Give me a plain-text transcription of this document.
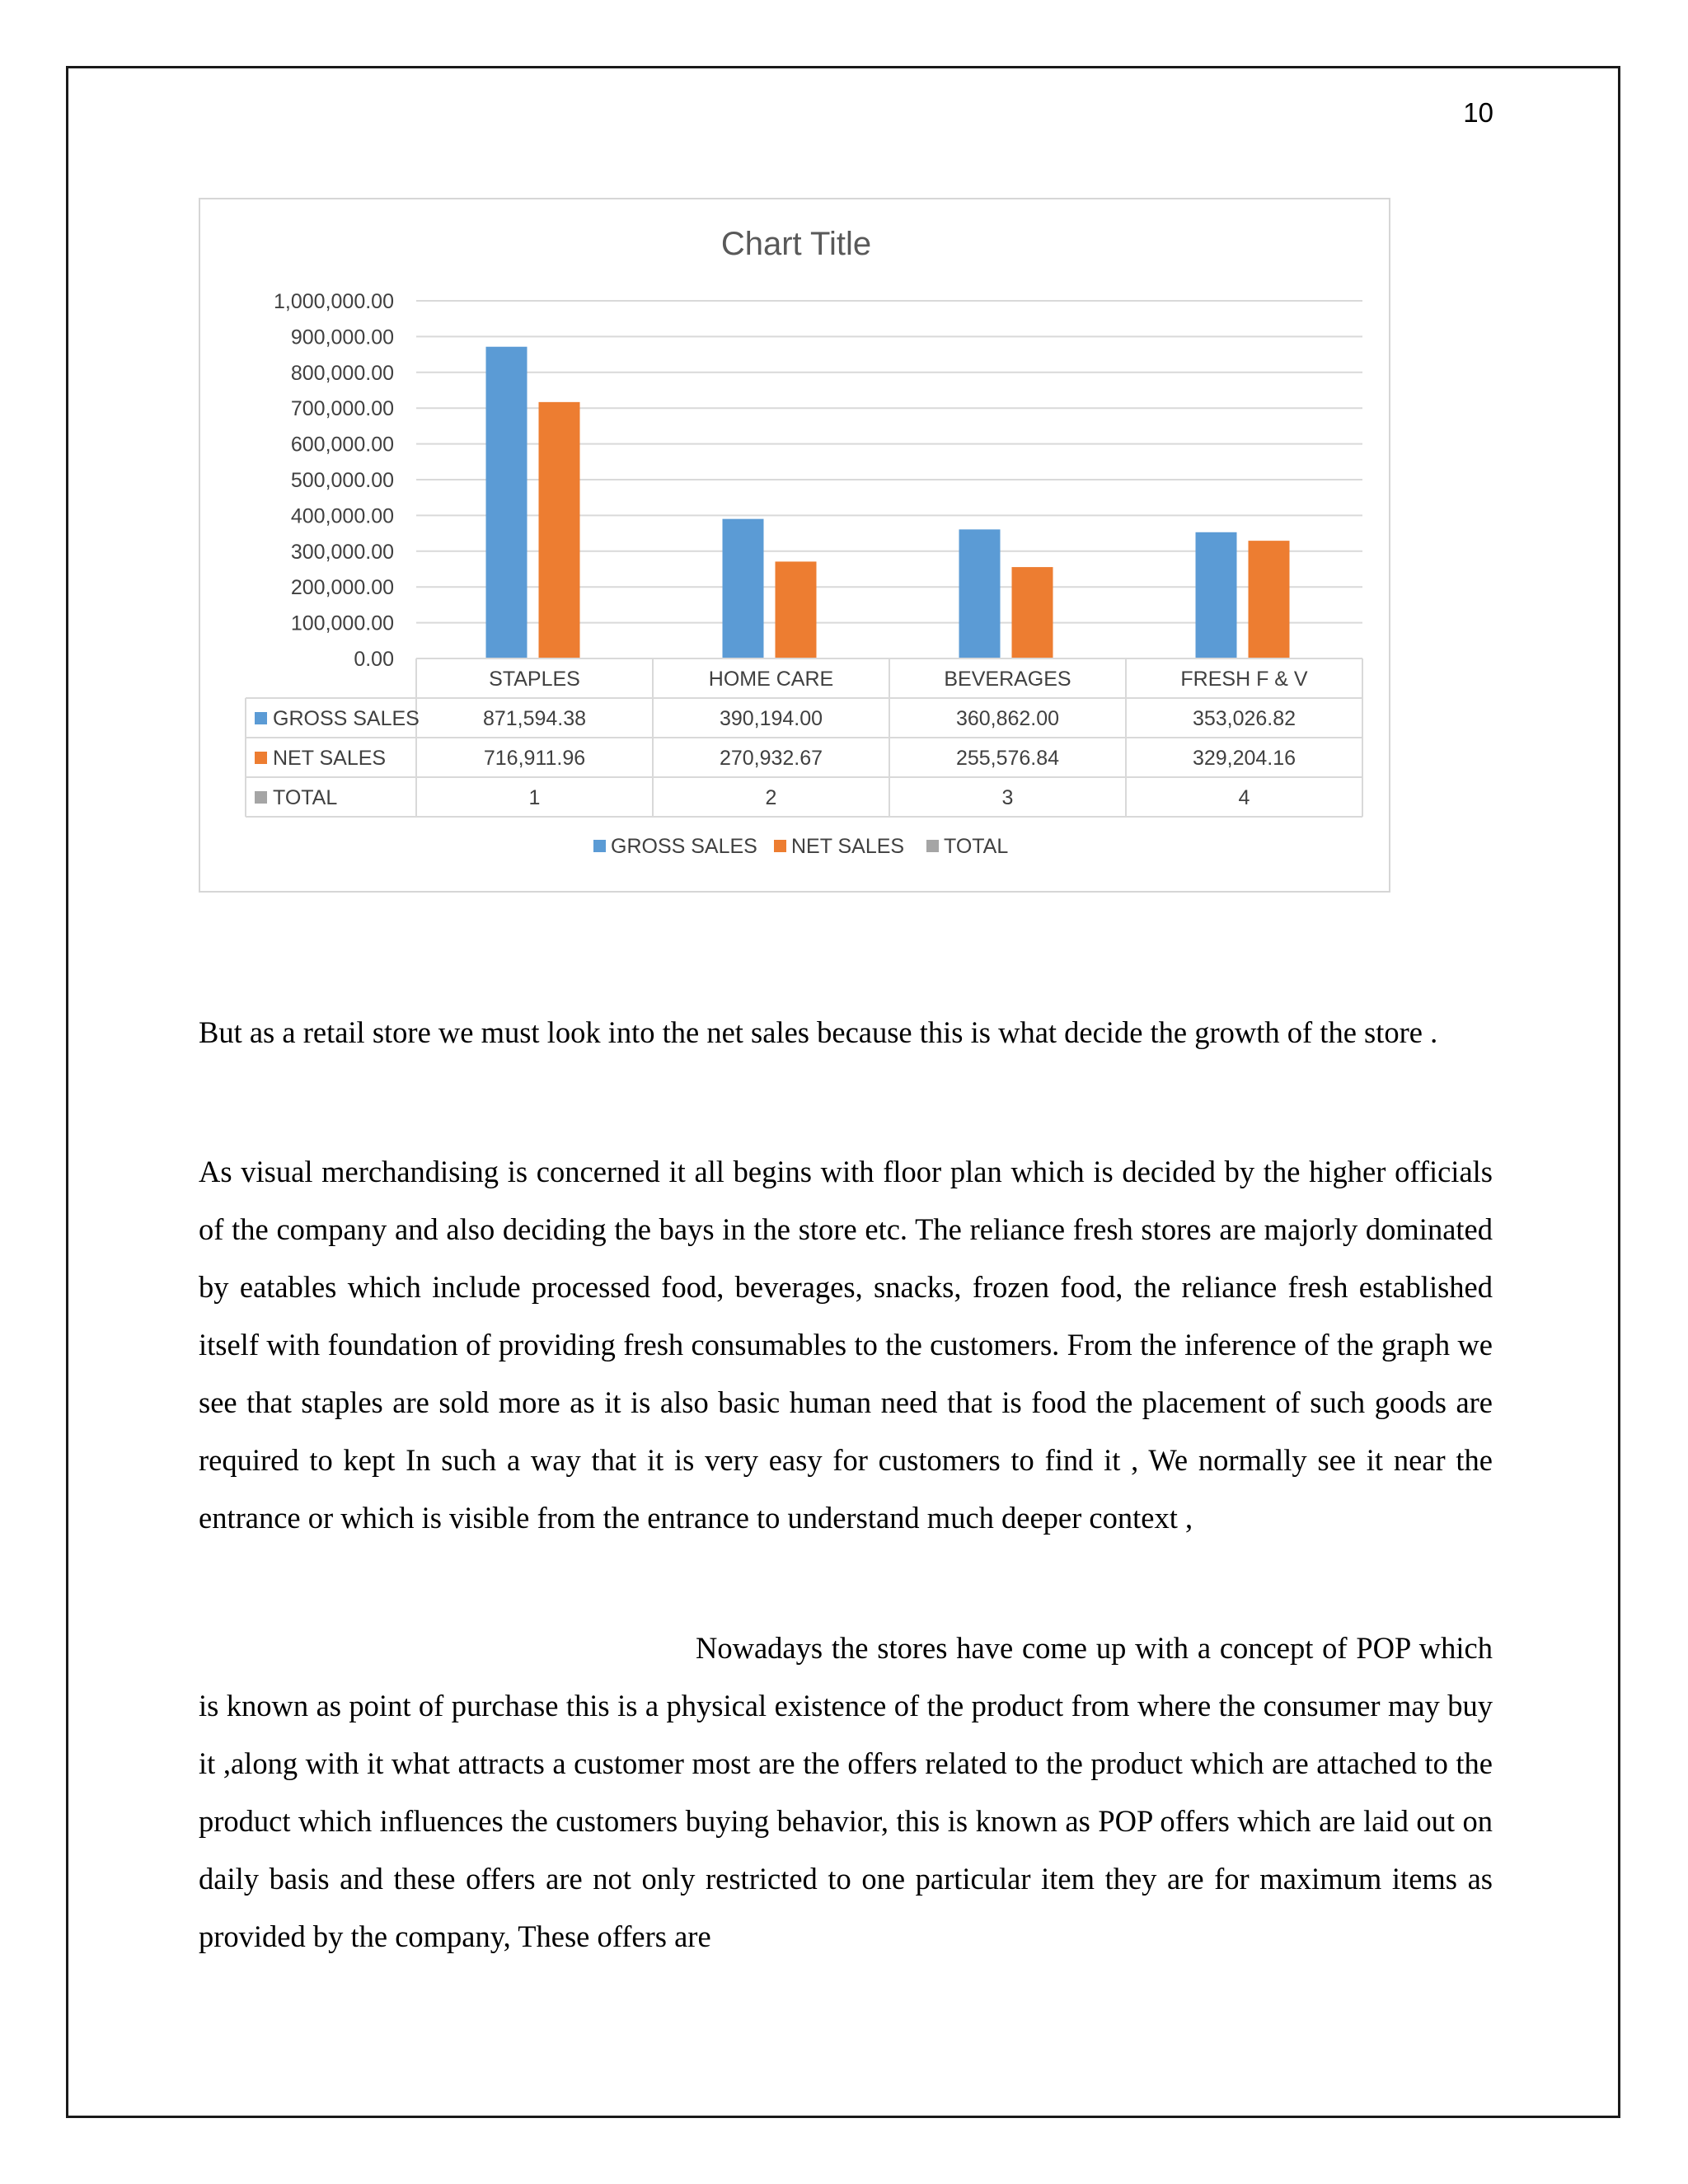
10
Chart Title
0.00
100,000.00
200,000.00
300,000.00
400,000.00
500,000.00
600,000.00
700,000.00
800,000.00
900,000.00
1,000,000.00
STAPLES	HOME CARE	BEVERAGES	FRESH F & V
GROSS SALES	871,594.38	390,194.00	360,862.00	353,026.82
NET SALES	716,911.96	270,932.67	255,576.84	329,204.16
TOTAL	1	2	3	4
GROSS SALES NET SALES TOTAL

But as a retail store we must look into the net sales because this is what decide the growth of the store .

As visual merchandising is concerned it all begins with floor plan which is decided by the higher officials of the company and also deciding the bays in the store etc. The reliance fresh stores are majorly dominated by eatables which include processed food, beverages, snacks, frozen food, the reliance fresh established itself with foundation of providing fresh consumables to the customers. From the inference of the graph we see that staples are sold more as it is also basic human need that is food the placement of such goods are required to kept In such a way that it is very easy for customers to find it , We normally see it near the entrance or which is visible from the entrance to understand much deeper context ,

Nowadays the stores have come up with a concept of POP which is known as point of purchase this is a physical existence of the product from where the consumer may buy it ,along with it what attracts a customer most are the offers related to the product which are attached to the product which influences the customers buying behavior, this is known as POP offers which are laid out on daily basis and these offers are not only restricted to one particular item they are for maximum items as provided by the company, These offers are
